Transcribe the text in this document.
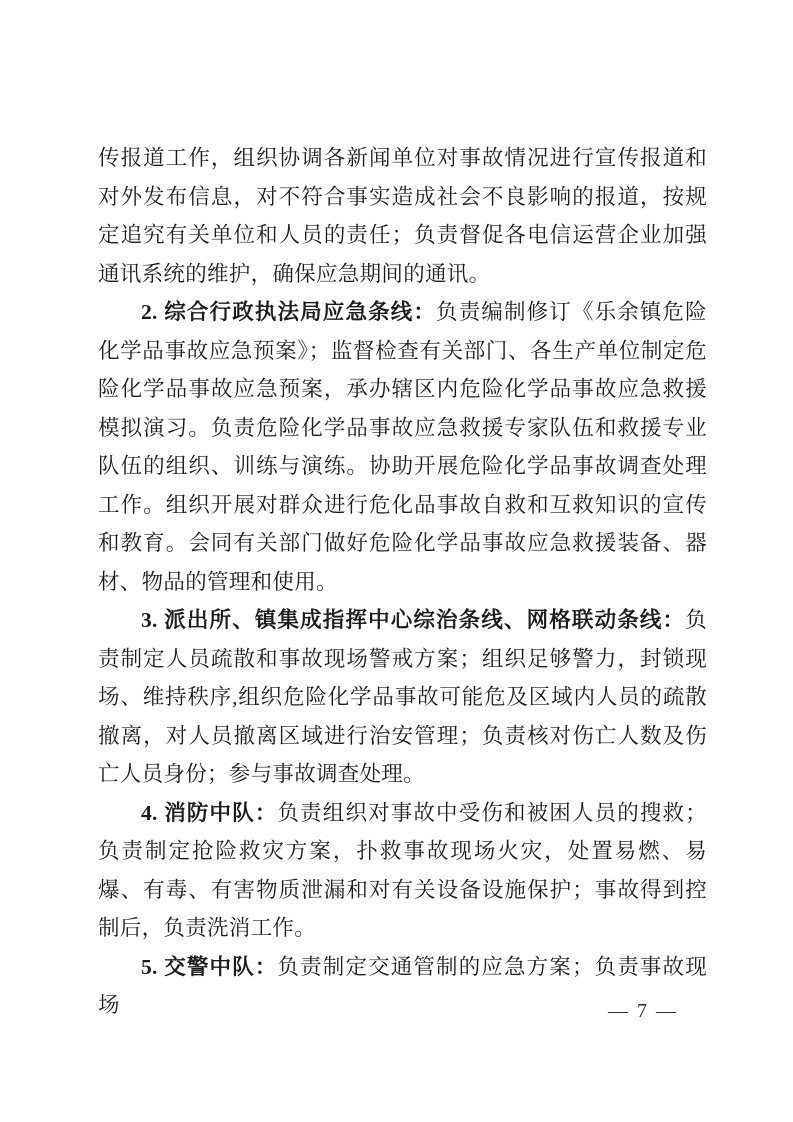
传报道工作，组织协调各新闻单位对事故情况进行宣传报道和对外发布信息，对不符合事实造成社会不良影响的报道，按规定追究有关单位和人员的责任；负责督促各电信运营企业加强通讯系统的维护，确保应急期间的通讯。

2. 综合行政执法局应急条线：负责编制修订《乐余镇危险化学品事故应急预案》；监督检查有关部门、各生产单位制定危险化学品事故应急预案，承办辖区内危险化学品事故应急救援模拟演习。负责危险化学品事故应急救援专家队伍和救援专业队伍的组织、训练与演练。协助开展危险化学品事故调查处理工作。组织开展对群众进行危化品事故自救和互救知识的宣传和教育。会同有关部门做好危险化学品事故应急救援装备、器材、物品的管理和使用。

3. 派出所、镇集成指挥中心综治条线、网格联动条线：负责制定人员疏散和事故现场警戒方案；组织足够警力，封锁现场、维持秩序,组织危险化学品事故可能危及区域内人员的疏散撤离，对人员撤离区域进行治安管理；负责核对伤亡人数及伤亡人员身份；参与事故调查处理。

4. 消防中队：负责组织对事故中受伤和被困人员的搜救；负责制定抢险救灾方案，扑救事故现场火灾，处置易燃、易爆、有毒、有害物质泄漏和对有关设备设施保护；事故得到控制后，负责洗消工作。

5. 交警中队：负责制定交通管制的应急方案；负责事故现场	— 7 —
